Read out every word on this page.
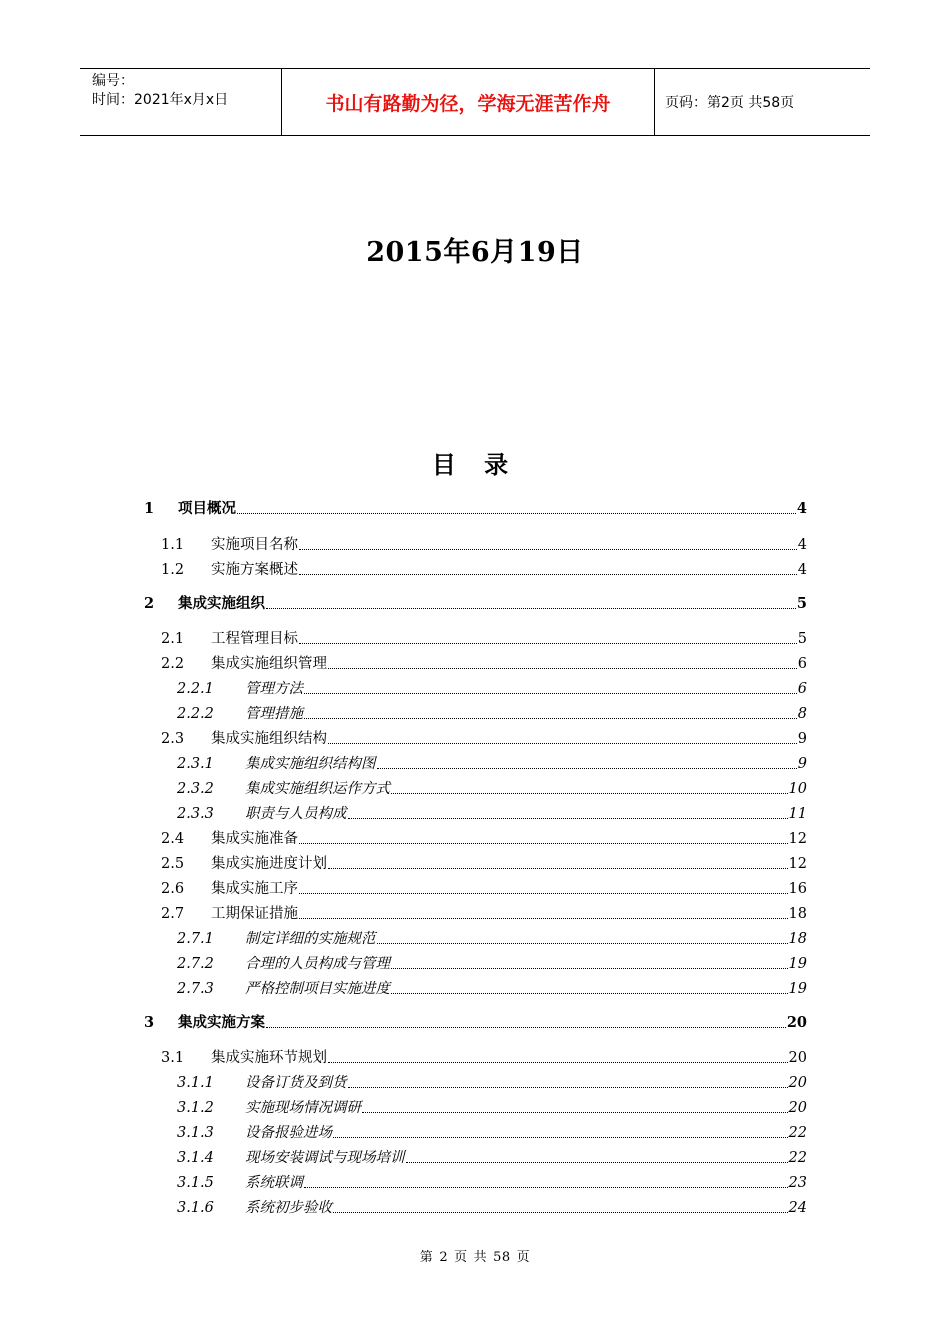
编号：
时间：2021年x月x日	书山有路勤为径，学海无涯苦作舟	页码：第2页 共58页
2015年6月19日
目 录
1	项目概况	4
1.1	实施项目名称	4
1.2	实施方案概述	4
2	集成实施组织	5
2.1	工程管理目标	5
2.2	集成实施组织管理	6
2.2.1	管理方法	6
2.2.2	管理措施	8
2.3	集成实施组织结构	9
2.3.1	集成实施组织结构图	9
2.3.2	集成实施组织运作方式	10
2.3.3	职责与人员构成	11
2.4	集成实施准备	12
2.5	集成实施进度计划	12
2.6	集成实施工序	16
2.7	工期保证措施	18
2.7.1	制定详细的实施规范	18
2.7.2	合理的人员构成与管理	19
2.7.3	严格控制项目实施进度	19
3	集成实施方案	20
3.1	集成实施环节规划	20
3.1.1	设备订货及到货	20
3.1.2	实施现场情况调研	20
3.1.3	设备报验进场	22
3.1.4	现场安装调试与现场培训	22
3.1.5	系统联调	23
3.1.6	系统初步验收	24
第 2 页 共 58 页
